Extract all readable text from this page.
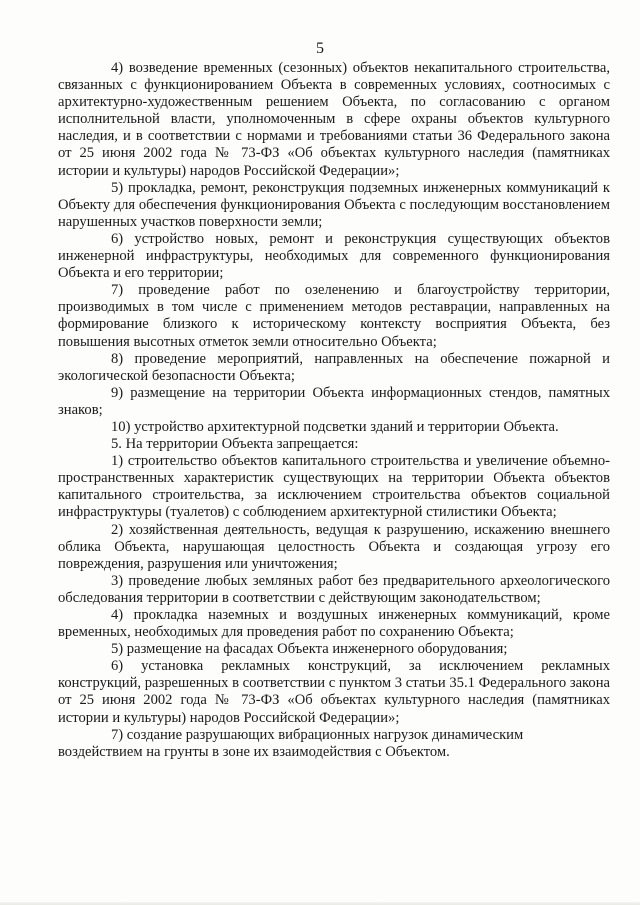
5

4) возведение временных (сезонных) объектов некапитального строительства, связанных с функционированием Объекта в современных условиях, соотносимых с архитектурно-художественным решением Объекта, по согласованию с органом исполнительной власти, уполномоченным в сфере охраны объектов культурного наследия, и в соответствии с нормами и требованиями статьи 36 Федерального закона от 25 июня 2002 года № 73-ФЗ «Об объектах культурного наследия (памятниках истории и культуры) народов Российской Федерации»;

5) прокладка, ремонт, реконструкция подземных инженерных коммуникаций к Объекту для обеспечения функционирования Объекта с последующим восстановлением нарушенных участков поверхности земли;

6) устройство новых, ремонт и реконструкция существующих объектов инженерной инфраструктуры, необходимых для современного функционирования Объекта и его территории;

7) проведение работ по озеленению и благоустройству территории, производимых в том числе с применением методов реставрации, направленных на формирование близкого к историческому контексту восприятия Объекта, без повышения высотных отметок земли относительно Объекта;

8) проведение мероприятий, направленных на обеспечение пожарной и экологической безопасности Объекта;

9) размещение на территории Объекта информационных стендов, памятных знаков;

10) устройство архитектурной подсветки зданий и территории Объекта.

5. На территории Объекта запрещается:

1) строительство объектов капитального строительства и увеличение объемно-пространственных характеристик существующих на территории Объекта объектов капитального строительства, за исключением строительства объектов социальной инфраструктуры (туалетов) с соблюдением архитектурной стилистики Объекта;

2) хозяйственная деятельность, ведущая к разрушению, искажению внешнего облика Объекта, нарушающая целостность Объекта и создающая угрозу его повреждения, разрушения или уничтожения;

3) проведение любых земляных работ без предварительного археологического обследования территории в соответствии с действующим законодательством;

4) прокладка наземных и воздушных инженерных коммуникаций, кроме временных, необходимых для проведения работ по сохранению Объекта;

5) размещение на фасадах Объекта инженерного оборудования;

6) установка рекламных конструкций, за исключением рекламных конструкций, разрешенных в соответствии с пунктом 3 статьи 35.1 Федерального закона от 25 июня 2002 года № 73-ФЗ «Об объектах культурного наследия (памятниках истории и культуры) народов Российской Федерации»;

7) создание разрушающих вибрационных нагрузок динамическим воздействием на грунты в зоне их взаимодействия с Объектом.
